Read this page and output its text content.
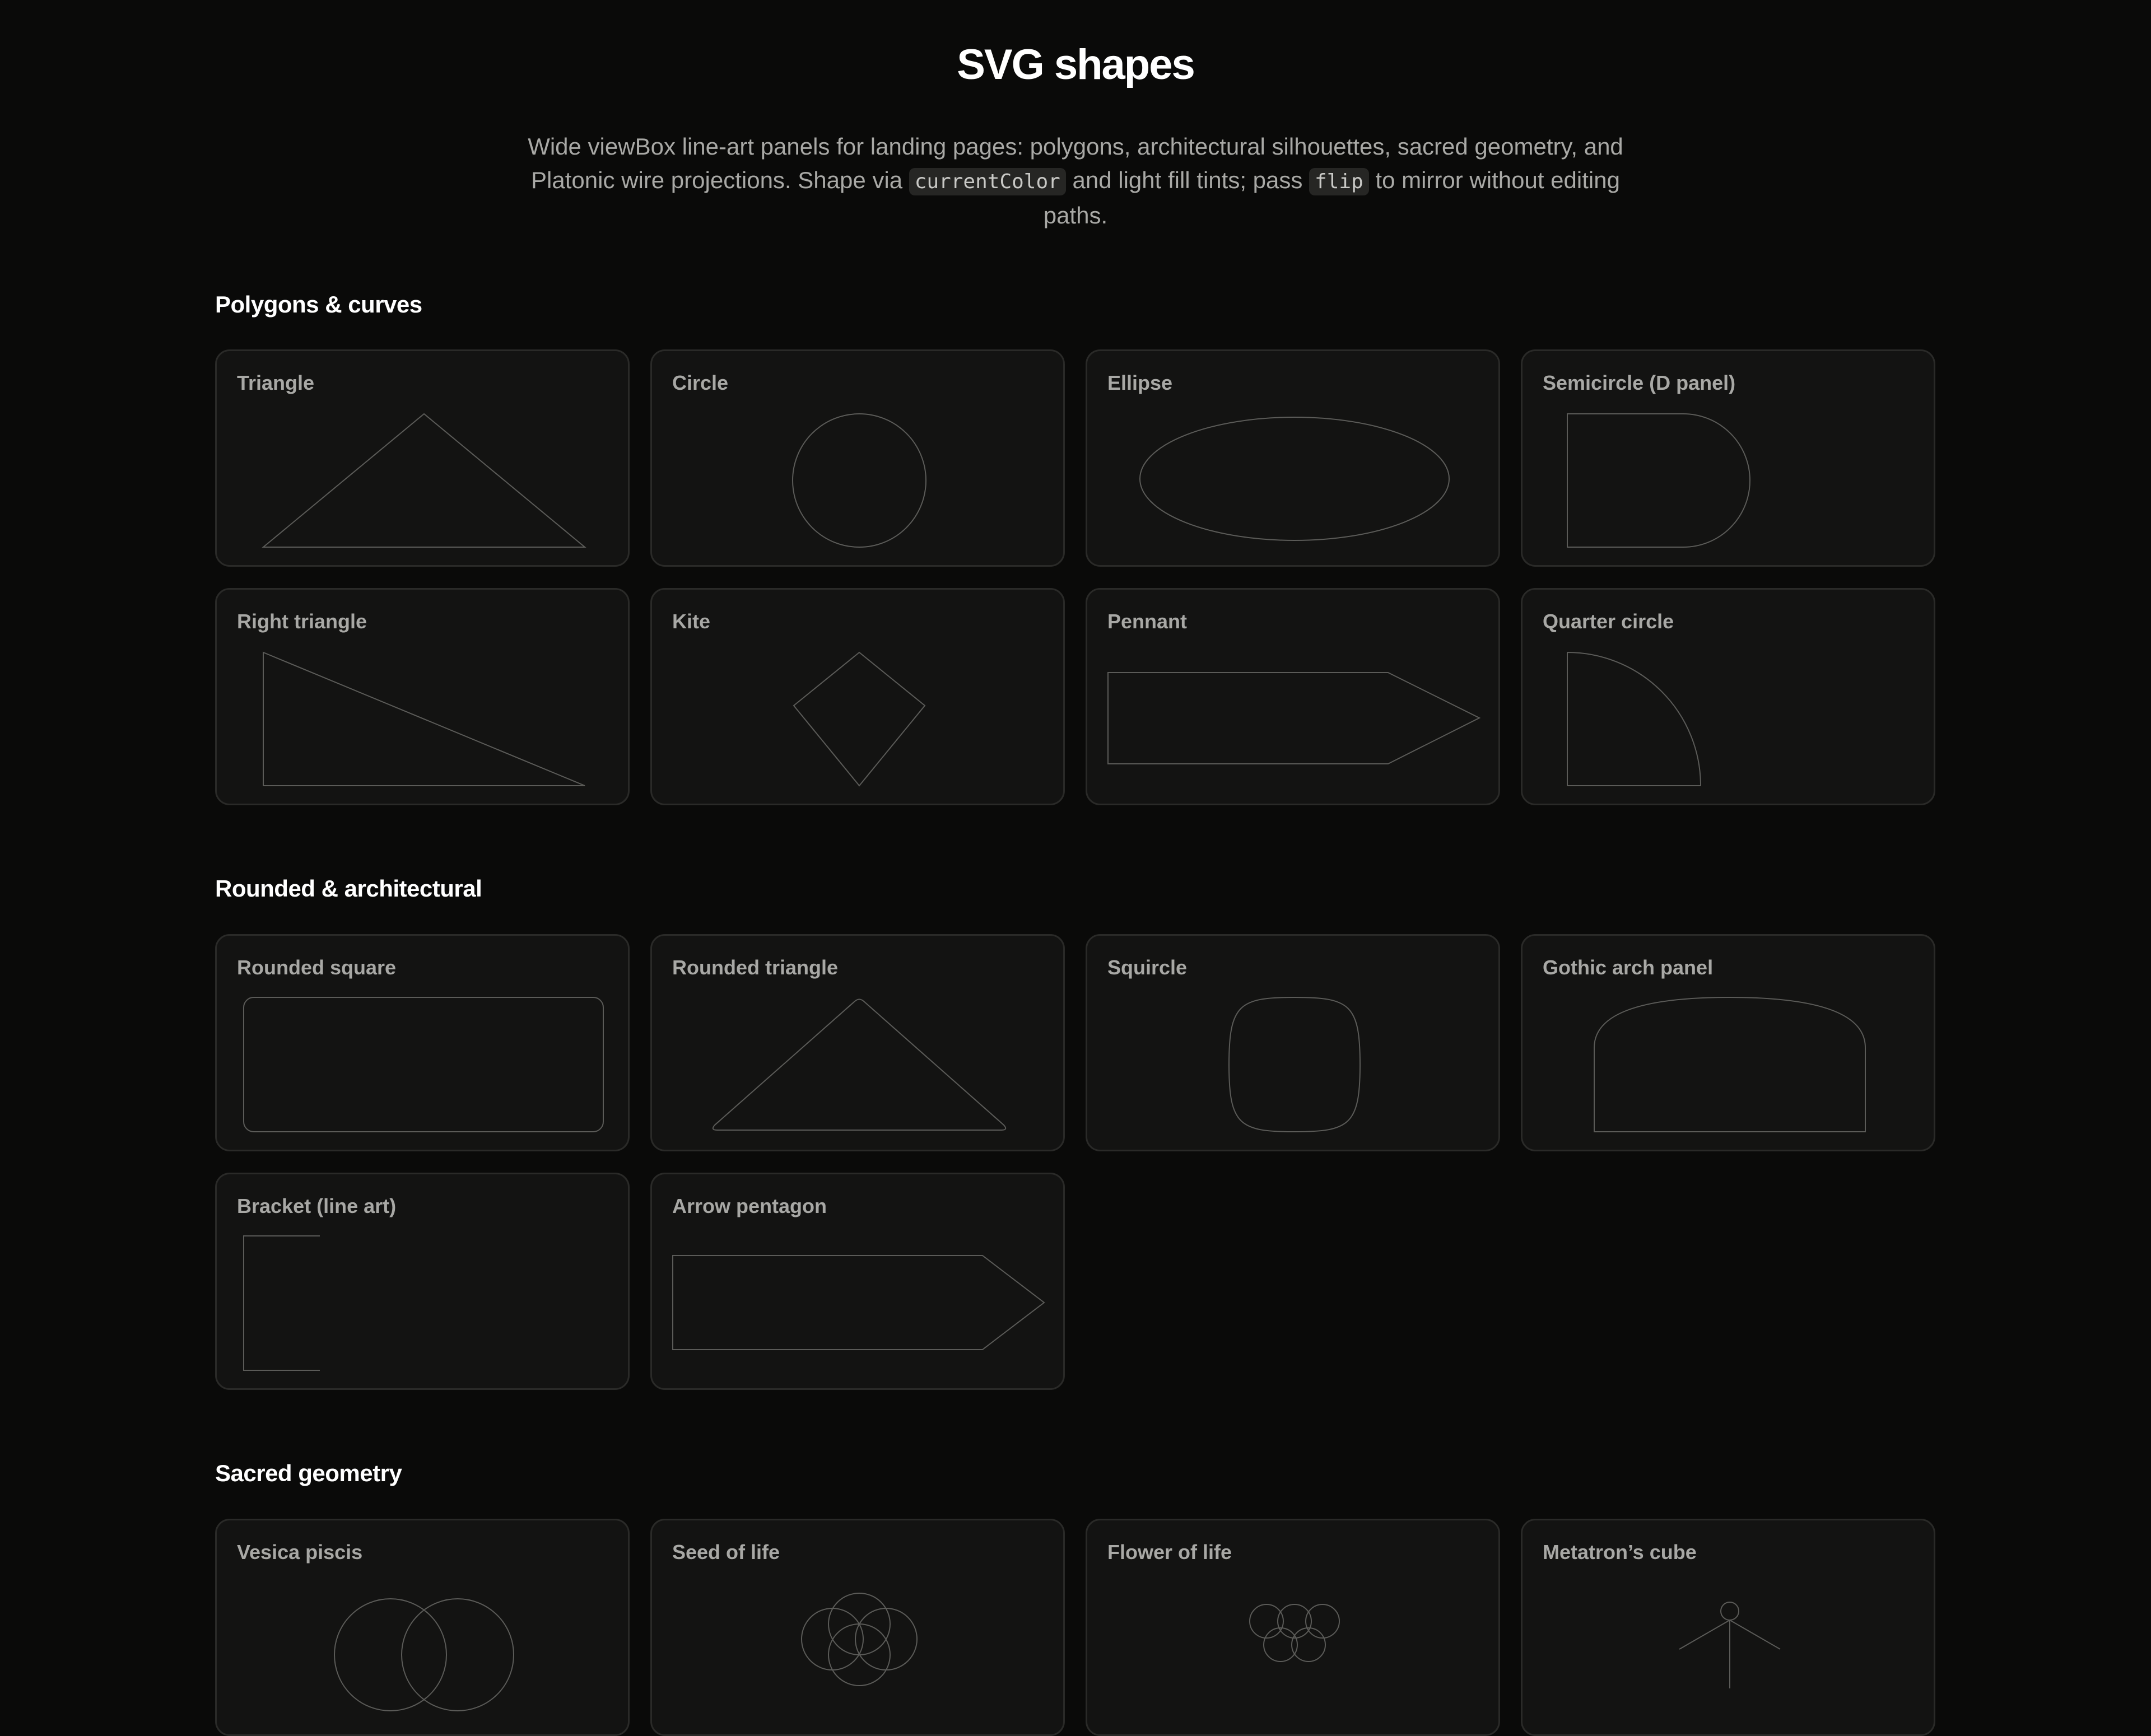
SVG shapes

Wide viewBox line-art panels for landing pages: polygons, architectural silhouettes, sacred geometry, and Platonic wire projections. Shape via currentColor and light fill tints; pass flip to mirror without editing paths.

Polygons & curves
Triangle	Circle	Ellipse	Semicircle (D panel)
Right triangle	Kite	Pennant	Quarter circle
Rounded & architectural
Rounded square	Rounded triangle	Squircle	Gothic arch panel
Bracket (line art)	Arrow pentagon
Sacred geometry
Vesica piscis	Seed of life	Flower of life	Metatron’s cube
